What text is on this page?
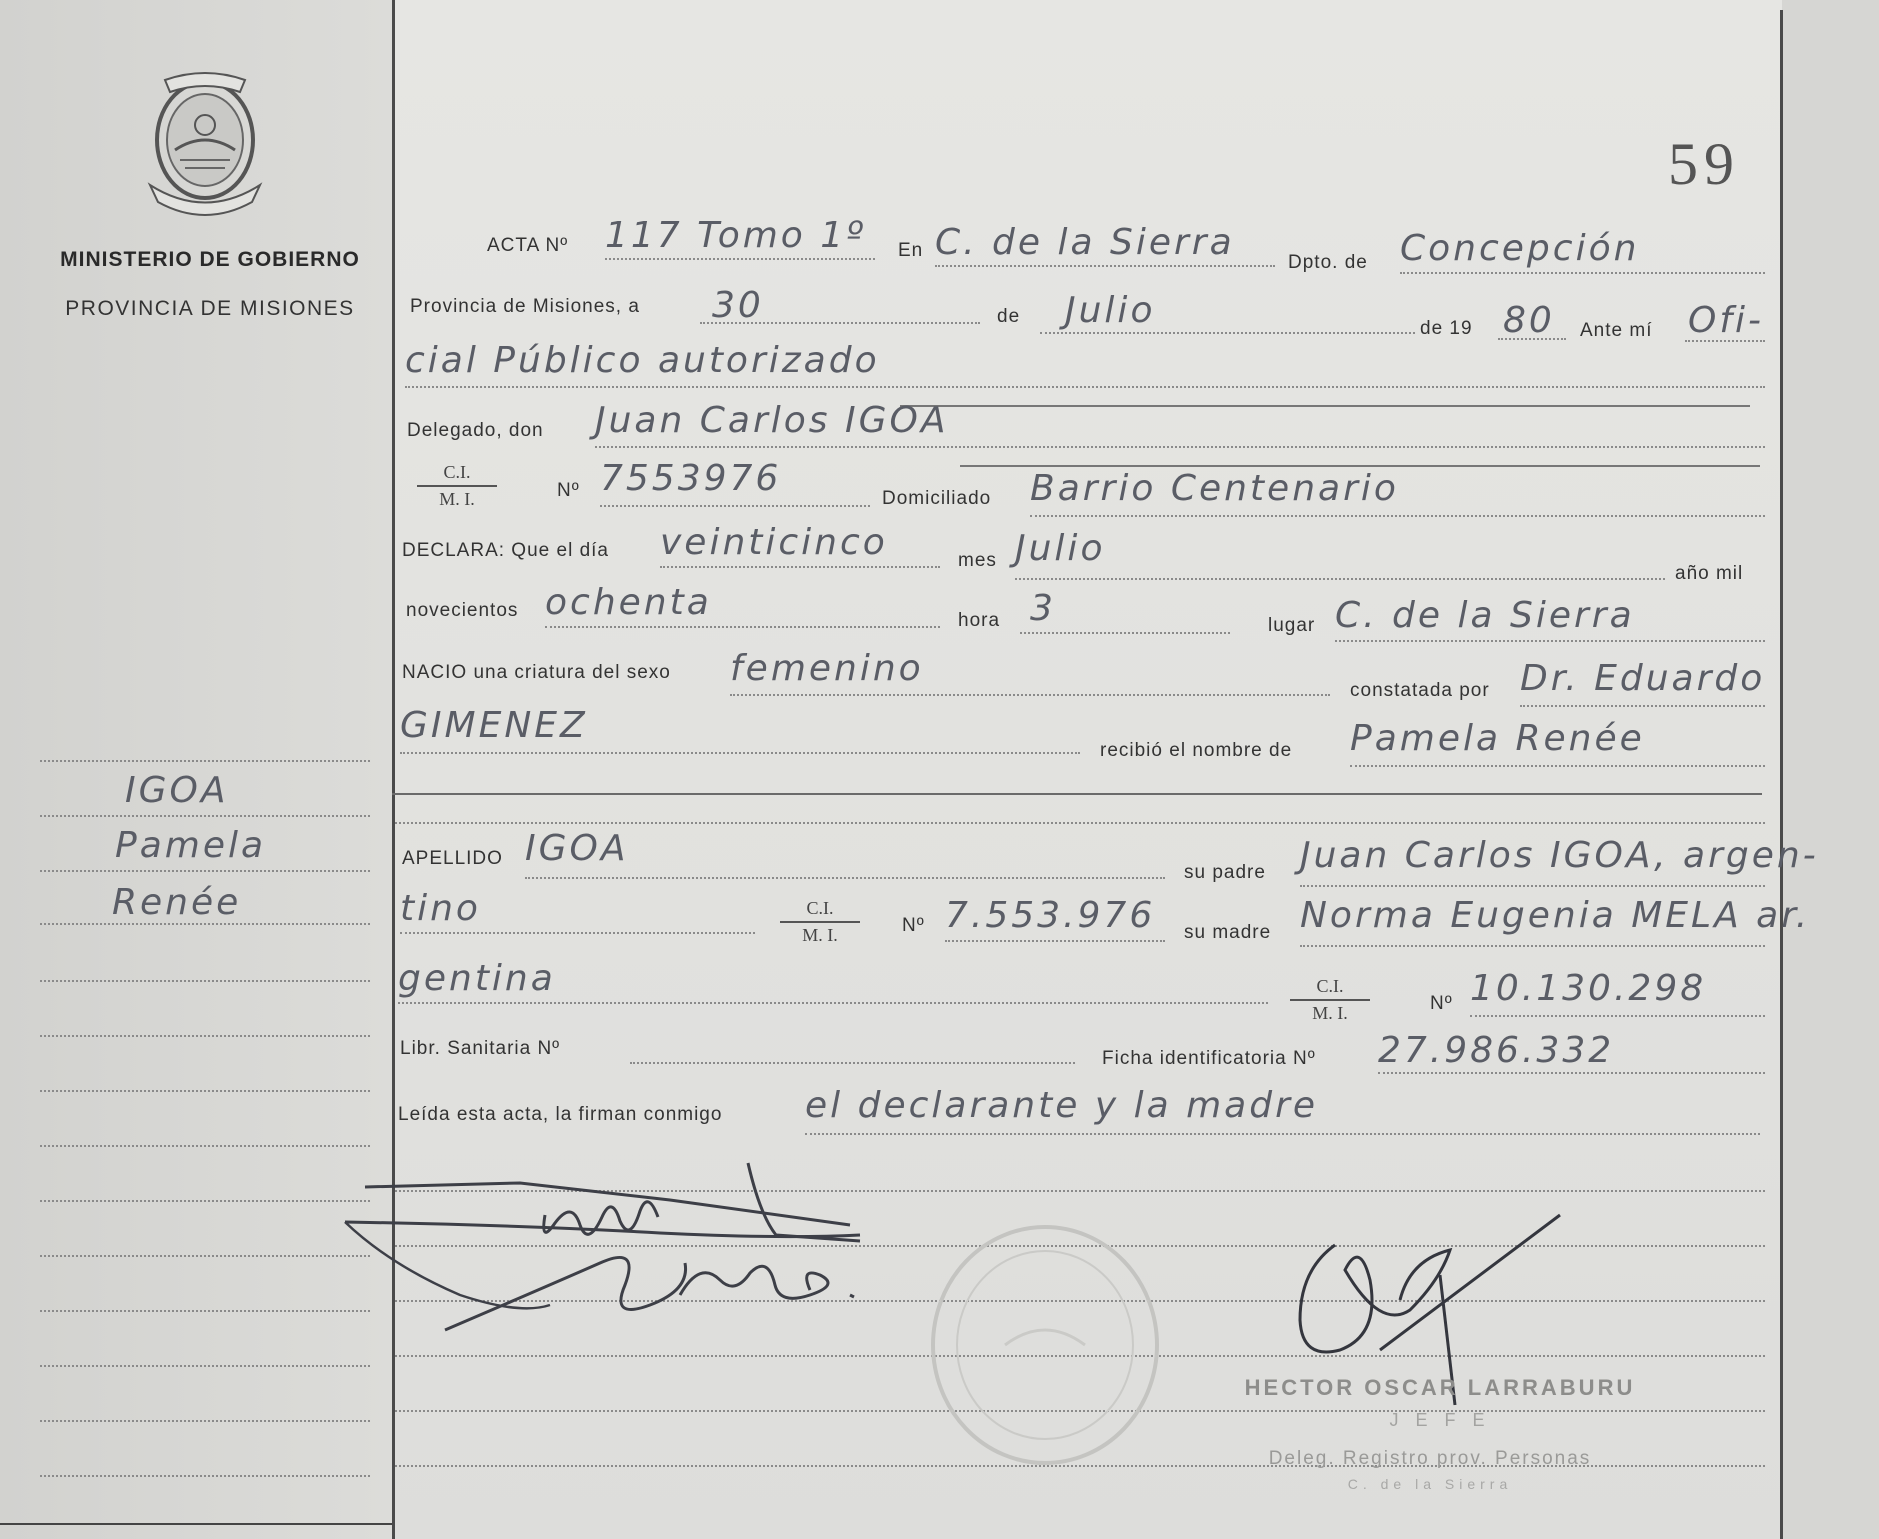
MINISTERIO DE GOBIERNO
PROVINCIA DE MISIONES
59
IGOA
Pamela
Renée
ACTA Nº 117 Tomo 1º En C. de la Sierra	Dpto. de Concepción
Provincia de Misiones, a 30	de Julio	de 19 80 Ante mí Ofi-
cial Público autorizado
Delegado, don Juan Carlos IGOA
$\frac{C.I.}{M. I.}$	Nº 7553976	Domiciliado Barrio Centenario
DECLARA: Que el día veinticinco	mes Julio
año mil
novecientos ochenta	hora 3	lugar C. de la Sierra
NACIO una criatura del sexo femenino
constatada por Dr. Eduardo
GIMENEZ
recibió el nombre de Pamela Renée
APELLIDO IGOA
su padre Juan Carlos IGOA, argen-
tino	$\frac{C.I.}{M. I.}$ Nº 7.553.976 su madre Norma Eugenia MELA ar.
gentina	$\frac{C.I.}{M. I.}$	Nº 10.130.298
Libr. Sanitaria Nº	Ficha identificatoria Nº 27.986.332
Leída esta acta, la firman conmigo el declarante y la madre
HECTOR OSCAR LARRABURU
J E F E
Deleg. Registro prov. Personas
C. de la Sierra
